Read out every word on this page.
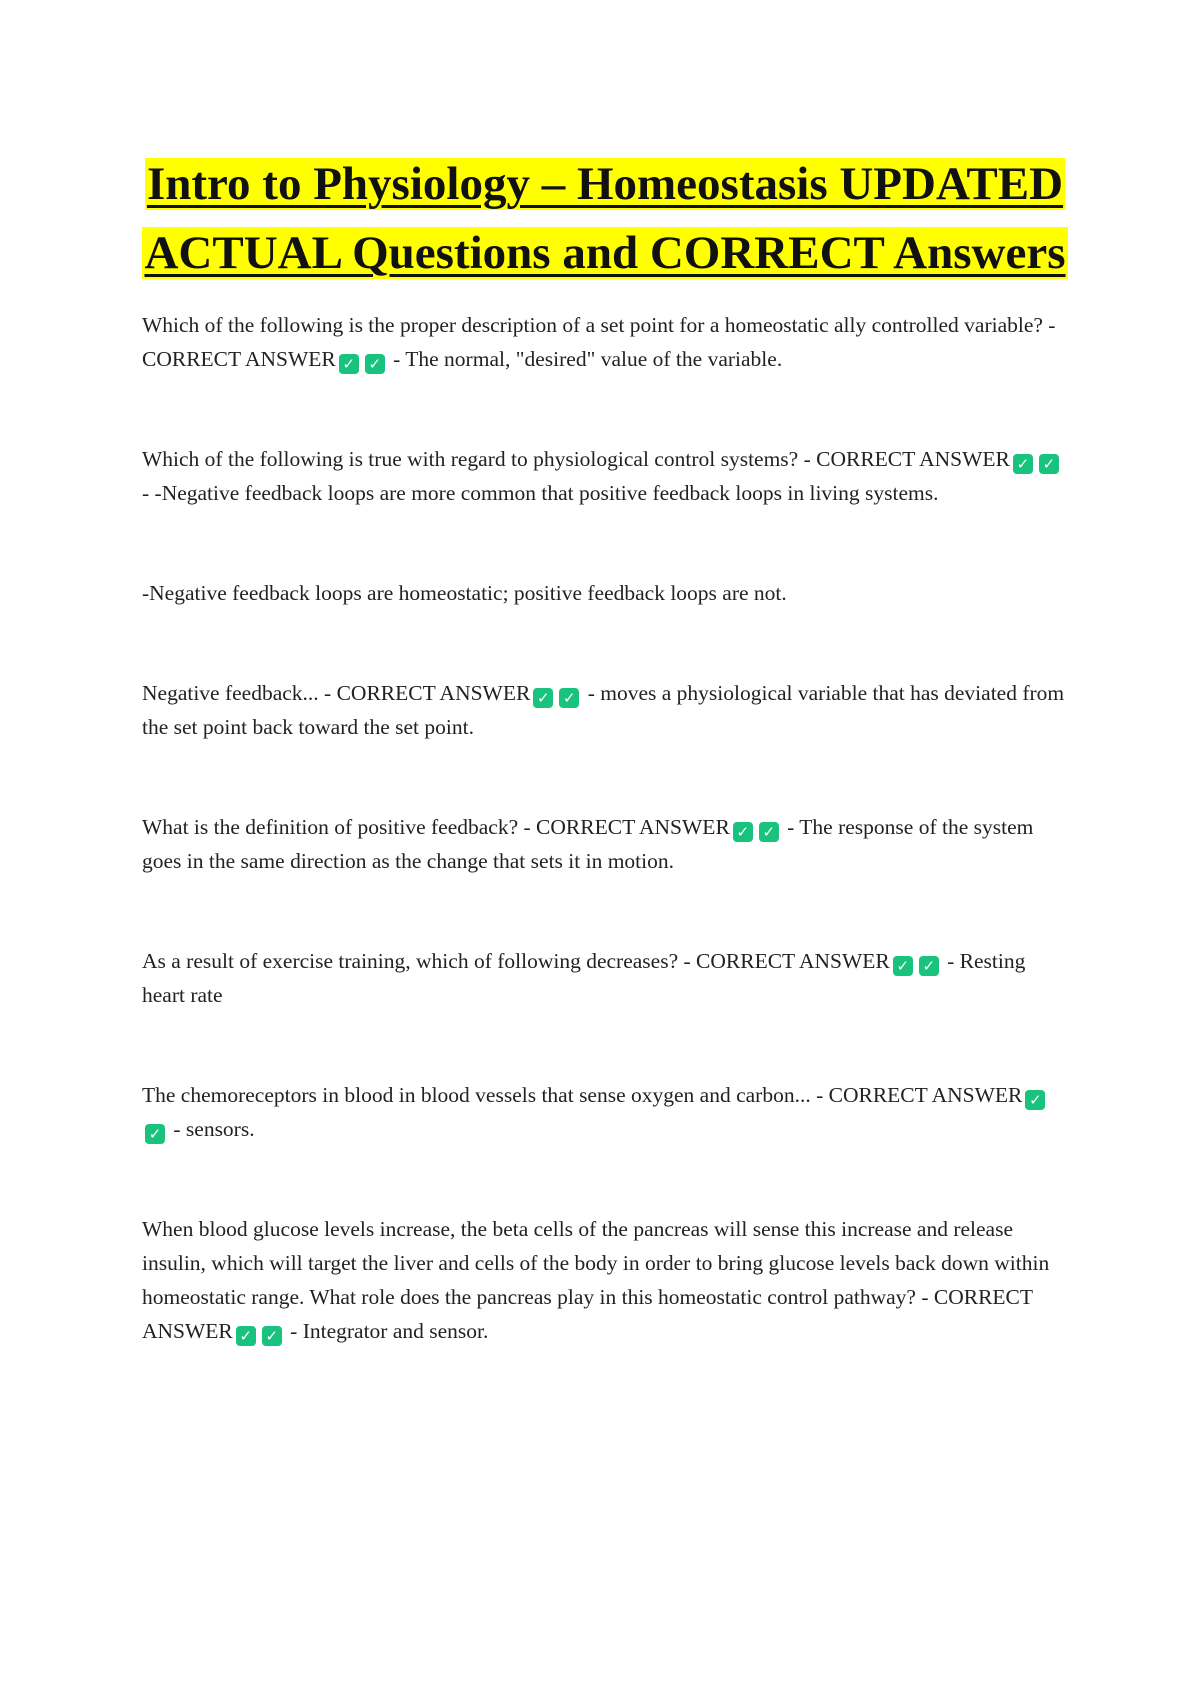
Intro to Physiology – Homeostasis UPDATED ACTUAL Questions and CORRECT Answers

Which of the following is the proper description of a set point for a homeostatic ally controlled variable? - CORRECT ANSWER ✓ ✓ - The normal, "desired" value of the variable.

Which of the following is true with regard to physiological control systems? - CORRECT ANSWER ✓ ✓ - -Negative feedback loops are more common that positive feedback loops in living systems.

-Negative feedback loops are homeostatic; positive feedback loops are not.

Negative feedback... - CORRECT ANSWER ✓ ✓ - moves a physiological variable that has deviated from the set point back toward the set point.

What is the definition of positive feedback? - CORRECT ANSWER ✓ ✓ - The response of the system goes in the same direction as the change that sets it in motion.

As a result of exercise training, which of following decreases? - CORRECT ANSWER ✓ ✓ - Resting heart rate

The chemoreceptors in blood in blood vessels that sense oxygen and carbon... - CORRECT ANSWER ✓✓ - sensors.

When blood glucose levels increase, the beta cells of the pancreas will sense this increase and release insulin, which will target the liver and cells of the body in order to bring glucose levels back down within homeostatic range. What role does the pancreas play in this homeostatic control pathway? - CORRECT ANSWER ✓ ✓ - Integrator and sensor.
